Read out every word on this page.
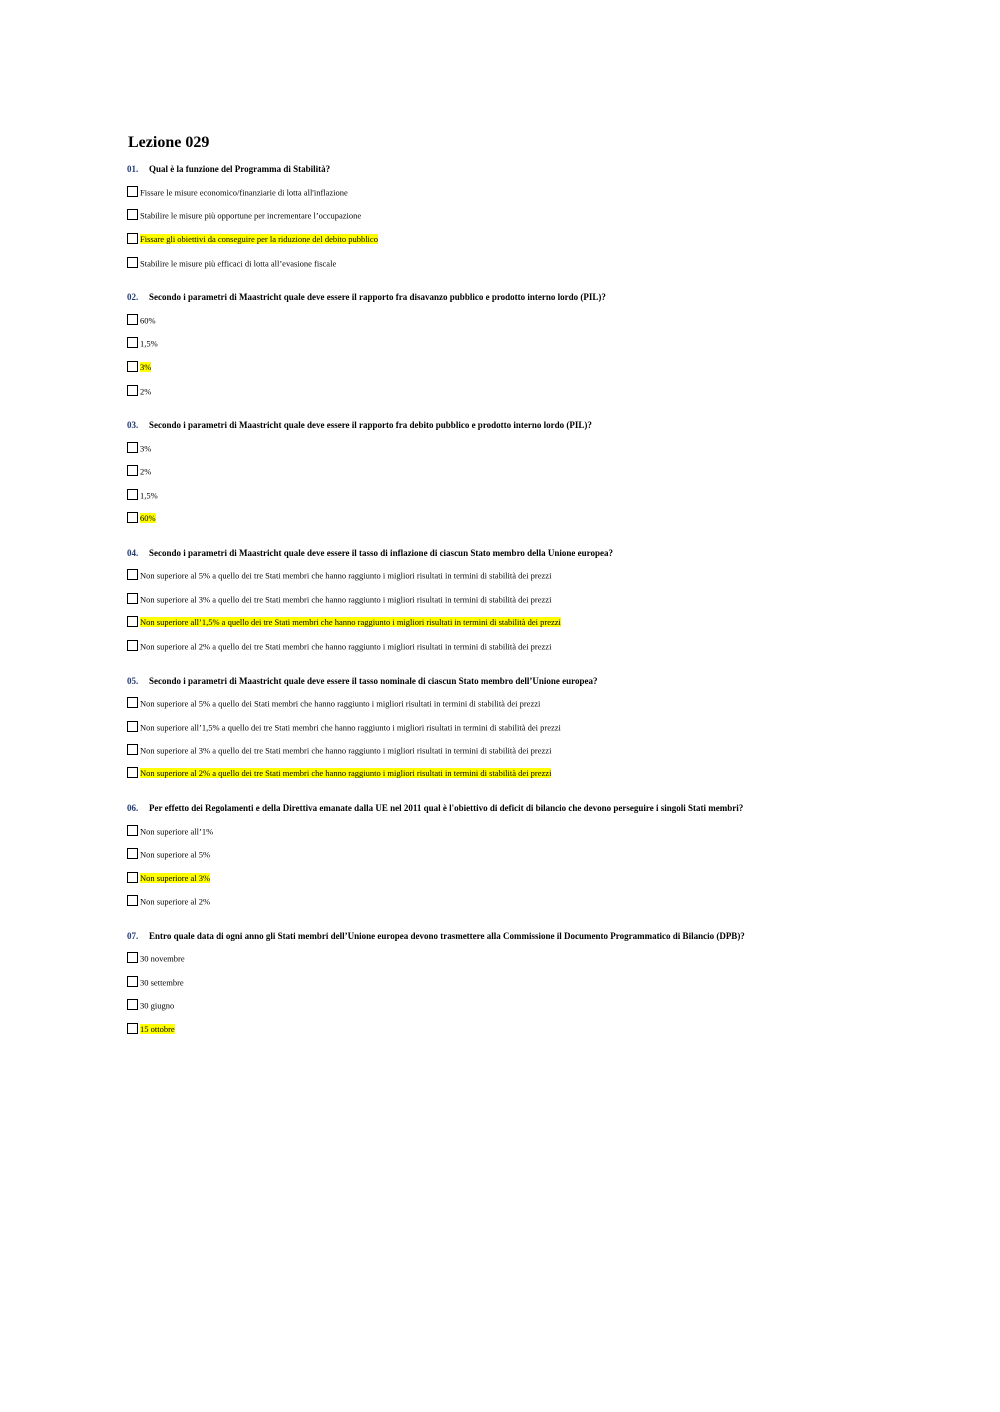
Lezione 029
01. Qual è la funzione del Programma di Stabilità?
Fissare le misure economico/finanziarie di lotta all'inflazione
Stabilire le misure più opportune per incrementare l’occupazione
Fissare gli obiettivi da conseguire per la riduzione del debito pubblico
Stabilire le misure più efficaci di lotta all’evasione fiscale
02. Secondo i parametri di Maastricht quale deve essere il rapporto fra disavanzo pubblico e prodotto interno lordo (PIL)?
60%
1,5%
3%
2%
03. Secondo i parametri di Maastricht quale deve essere il rapporto fra debito pubblico e prodotto interno lordo (PIL)?
3%
2%
1,5%
60%
04. Secondo i parametri di Maastricht quale deve essere il tasso di inflazione di ciascun Stato membro della Unione europea?
Non superiore al 5% a quello dei tre Stati membri che hanno raggiunto i migliori risultati in termini di stabilità dei prezzi
Non superiore al 3% a quello dei tre Stati membri che hanno raggiunto i migliori risultati in termini di stabilità dei prezzi
Non superiore all’1,5% a quello dei tre Stati membri che hanno raggiunto i migliori risultati in termini di stabilità dei prezzi
Non superiore al 2% a quello dei tre Stati membri che hanno raggiunto i migliori risultati in termini di stabilità dei prezzi
05. Secondo i parametri di Maastricht quale deve essere il tasso nominale di ciascun Stato membro dell’Unione europea?
Non superiore al 5% a quello dei Stati membri che hanno raggiunto i migliori risultati in termini di stabilità dei prezzi
Non superiore all’1,5% a quello dei tre Stati membri che hanno raggiunto i migliori risultati in termini di stabilità dei prezzi
Non superiore al 3% a quello dei tre Stati membri che hanno raggiunto i migliori risultati in termini di stabilità dei prezzi
Non superiore al 2% a quello dei tre Stati membri che hanno raggiunto i migliori risultati in termini di stabilità dei prezzi
06. Per effetto dei Regolamenti e della Direttiva emanate dalla UE nel 2011 qual è l'obiettivo di deficit di bilancio che devono perseguire i singoli Stati membri?
Non superiore all’1%
Non superiore al 5%
Non superiore al 3%
Non superiore al 2%
07. Entro quale data di ogni anno gli Stati membri dell’Unione europea devono trasmettere alla Commissione il Documento Programmatico di Bilancio (DPB)?
30 novembre
30 settembre
30 giugno
15 ottobre
